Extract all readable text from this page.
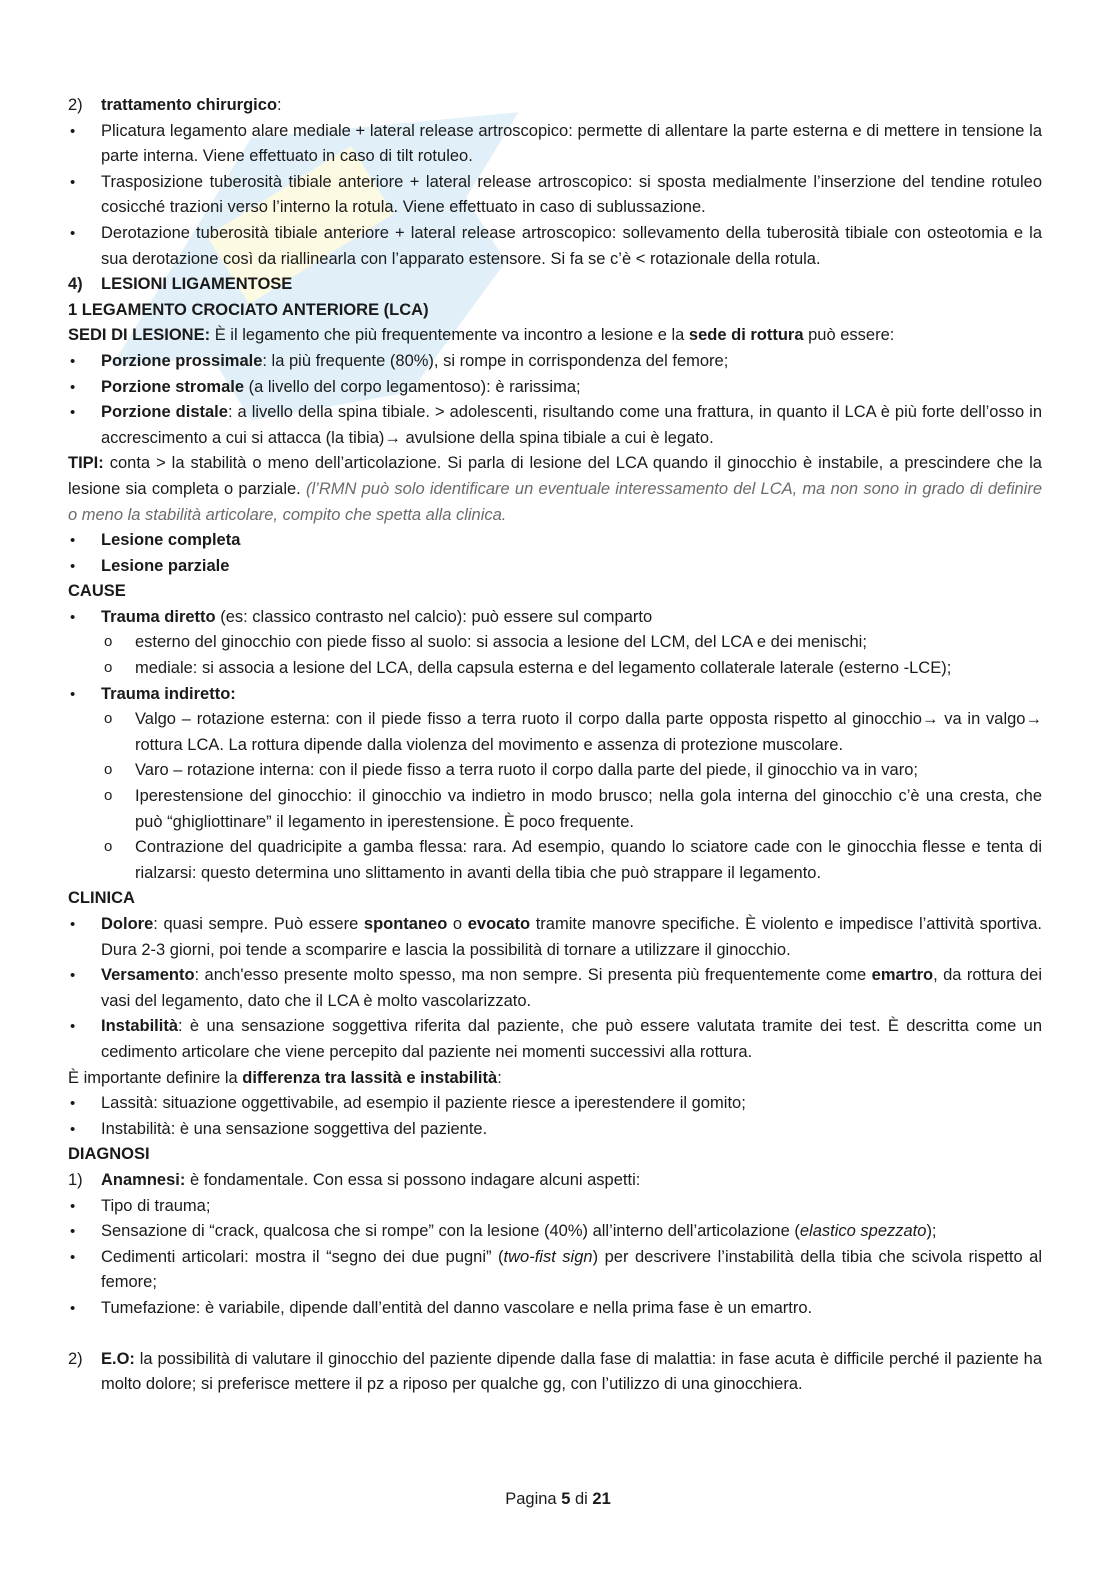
2) trattamento chirurgico:

• Plicatura legamento alare mediale + lateral release artroscopico: permette di allentare la parte esterna e di mettere in tensione la parte interna. Viene effettuato in caso di tilt rotuleo.

• Trasposizione tuberosità tibiale anteriore + lateral release artroscopico: si sposta medialmente l’inserzione del tendine rotuleo cosicché trazioni verso l’interno la rotula. Viene effettuato in caso di sublussazione.

• Derotazione tuberosità tibiale anteriore + lateral release artroscopico: sollevamento della tuberosità tibiale con osteotomia e la sua derotazione così da riallinearla con l’apparato estensore. Si fa se c’è < rotazionale della rotula.

4) LESIONI LIGAMENTOSE

1 LEGAMENTO CROCIATO ANTERIORE (LCA)

SEDI DI LESIONE: È il legamento che più frequentemente va incontro a lesione e la sede di rottura può essere:

• Porzione prossimale: la più frequente (80%), si rompe in corrispondenza del femore;

• Porzione stromale (a livello del corpo legamentoso): è rarissima;

• Porzione distale: a livello della spina tibiale. > adolescenti, risultando come una frattura, in quanto il LCA è più forte dell’osso in accrescimento a cui si attacca (la tibia)→ avulsione della spina tibiale a cui è legato.

TIPI: conta > la stabilità o meno dell’articolazione. Si parla di lesione del LCA quando il ginocchio è instabile, a prescindere che la lesione sia completa o parziale. (l’RMN può solo identificare un eventuale interessamento del LCA, ma non sono in grado di definire o meno la stabilità articolare, compito che spetta alla clinica.

• Lesione completa

• Lesione parziale

CAUSE

• Trauma diretto (es: classico contrasto nel calcio): può essere sul comparto

o esterno del ginocchio con piede fisso al suolo: si associa a lesione del LCM, del LCA e dei menischi;

o mediale: si associa a lesione del LCA, della capsula esterna e del legamento collaterale laterale (esterno -LCE);

• Trauma indiretto:

o Valgo – rotazione esterna: con il piede fisso a terra ruoto il corpo dalla parte opposta rispetto al ginocchio→ va in valgo→ rottura LCA. La rottura dipende dalla violenza del movimento e assenza di protezione muscolare.

o Varo – rotazione interna: con il piede fisso a terra ruoto il corpo dalla parte del piede, il ginocchio va in varo;

o Iperestensione del ginocchio: il ginocchio va indietro in modo brusco; nella gola interna del ginocchio c’è una cresta, che può “ghigliottinare” il legamento in iperestensione. È poco frequente.

o Contrazione del quadricipite a gamba flessa: rara. Ad esempio, quando lo sciatore cade con le ginocchia flesse e tenta di rialzarsi: questo determina uno slittamento in avanti della tibia che può strappare il legamento.

CLINICA

• Dolore: quasi sempre. Può essere spontaneo o evocato tramite manovre specifiche. È violento e impedisce l’attività sportiva. Dura 2-3 giorni, poi tende a scomparire e lascia la possibilità di tornare a utilizzare il ginocchio.

• Versamento: anch'esso presente molto spesso, ma non sempre. Si presenta più frequentemente come emartro, da rottura dei vasi del legamento, dato che il LCA è molto vascolarizzato.

• Instabilità: è una sensazione soggettiva riferita dal paziente, che può essere valutata tramite dei test. È descritta come un cedimento articolare che viene percepito dal paziente nei momenti successivi alla rottura.

È importante definire la differenza tra lassità e instabilità:

• Lassità: situazione oggettivabile, ad esempio il paziente riesce a iperestendere il gomito;

• Instabilità: è una sensazione soggettiva del paziente.

DIAGNOSI

1) Anamnesi: è fondamentale. Con essa si possono indagare alcuni aspetti:

• Tipo di trauma;

• Sensazione di “crack, qualcosa che si rompe” con la lesione (40%) all’interno dell’articolazione (elastico spezzato);

• Cedimenti articolari: mostra il “segno dei due pugni” (two-fist sign) per descrivere l’instabilità della tibia che scivola rispetto al femore;

• Tumefazione: è variabile, dipende dall’entità del danno vascolare e nella prima fase è un emartro.

2) E.O: la possibilità di valutare il ginocchio del paziente dipende dalla fase di malattia: in fase acuta è difficile perché il paziente ha molto dolore; si preferisce mettere il pz a riposo per qualche gg, con l’utilizzo di una ginocchiera.

Pagina 5 di 21
